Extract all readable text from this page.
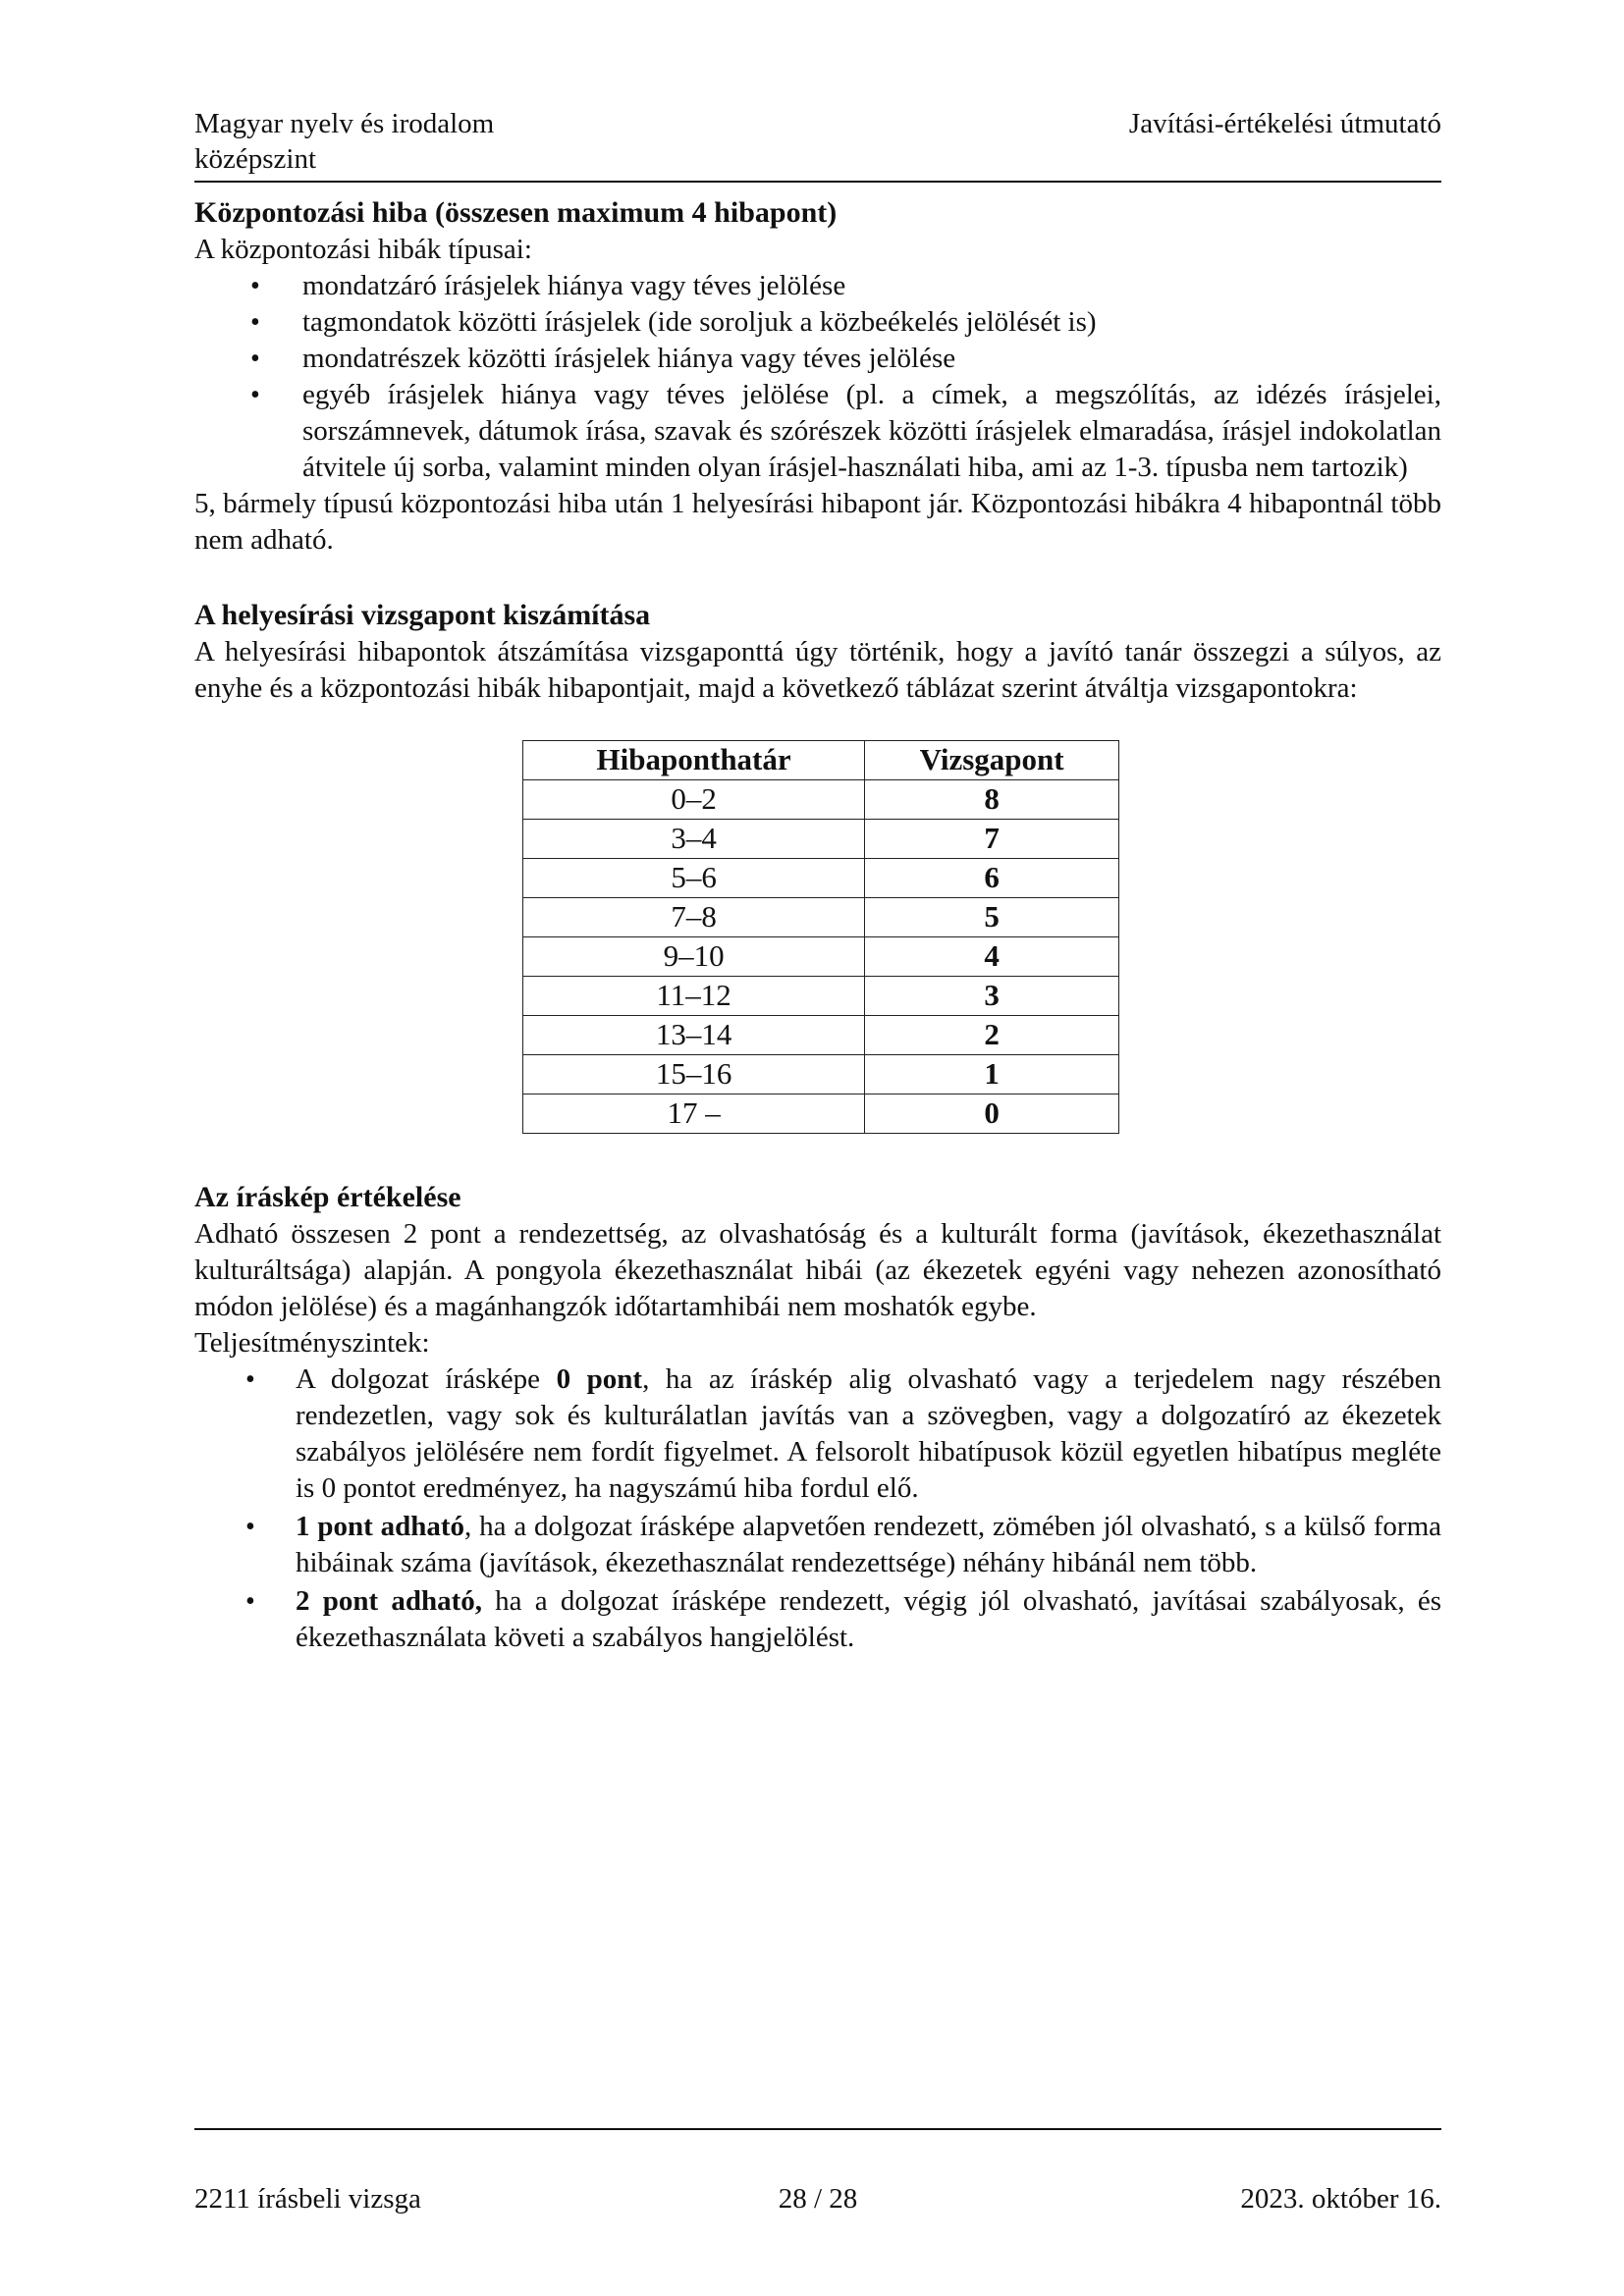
Magyar nyelv és irodalom
középszint
Javítási-értékelési útmutató

Központozási hiba (összesen maximum 4 hibapont)

A központozási hibák típusai:

• mondatzáró írásjelek hiánya vagy téves jelölése
• tagmondatok közötti írásjelek (ide soroljuk a közbeékelés jelölését is)
• mondatrészek közötti írásjelek hiánya vagy téves jelölése
• egyéb írásjelek hiánya vagy téves jelölése (pl. a címek, a megszólítás, az idézés írásjelei, sorszámnevek, dátumok írása, szavak és szórészek közötti írásjelek elmaradása, írásjel indokolatlan átvitele új sorba, valamint minden olyan írásjel-használati hiba, ami az 1-3. típusba nem tartozik)

5, bármely típusú központozási hiba után 1 helyesírási hibapont jár. Központozási hibákra 4 hibapontnál több nem adható.

A helyesírási vizsgapont kiszámítása

A helyesírási hibapontok átszámítása vizsgaponttá úgy történik, hogy a javító tanár összegzi a súlyos, az enyhe és a központozási hibák hibapontjait, majd a következő táblázat szerint átváltja vizsgapontokra:

Hibaponthatár	Vizsgapont
0–2	8
3–4	7
5–6	6
7–8	5
9–10	4
11–12	3
13–14	2
15–16	1
17 –	0

Az íráskép értékelése

Adható összesen 2 pont a rendezettség, az olvashatóság és a kulturált forma (javítások, ékezethasználat kulturáltsága) alapján. A pongyola ékezethasználat hibái (az ékezetek egyéni vagy nehezen azonosítható módon jelölése) és a magánhangzók időtartamhibái nem moshatók egybe.

Teljesítményszintek:

• A dolgozat írásképe 0 pont, ha az íráskép alig olvasható vagy a terjedelem nagy részében rendezetlen, vagy sok és kulturálatlan javítás van a szövegben, vagy a dolgozatíró az ékezetek szabályos jelölésére nem fordít figyelmet. A felsorolt hibatípusok közül egyetlen hibatípus megléte is 0 pontot eredményez, ha nagyszámú hiba fordul elő.
• 1 pont adható, ha a dolgozat írásképe alapvetően rendezett, zömében jól olvasható, s a külső forma hibáinak száma (javítások, ékezethasználat rendezettsége) néhány hibánál nem több.
• 2 pont adható, ha a dolgozat írásképe rendezett, végig jól olvasható, javításai szabályosak, és ékezethasználata követi a szabályos hangjelölést.
2211 írásbeli vizsga	28 / 28	2023. október 16.
